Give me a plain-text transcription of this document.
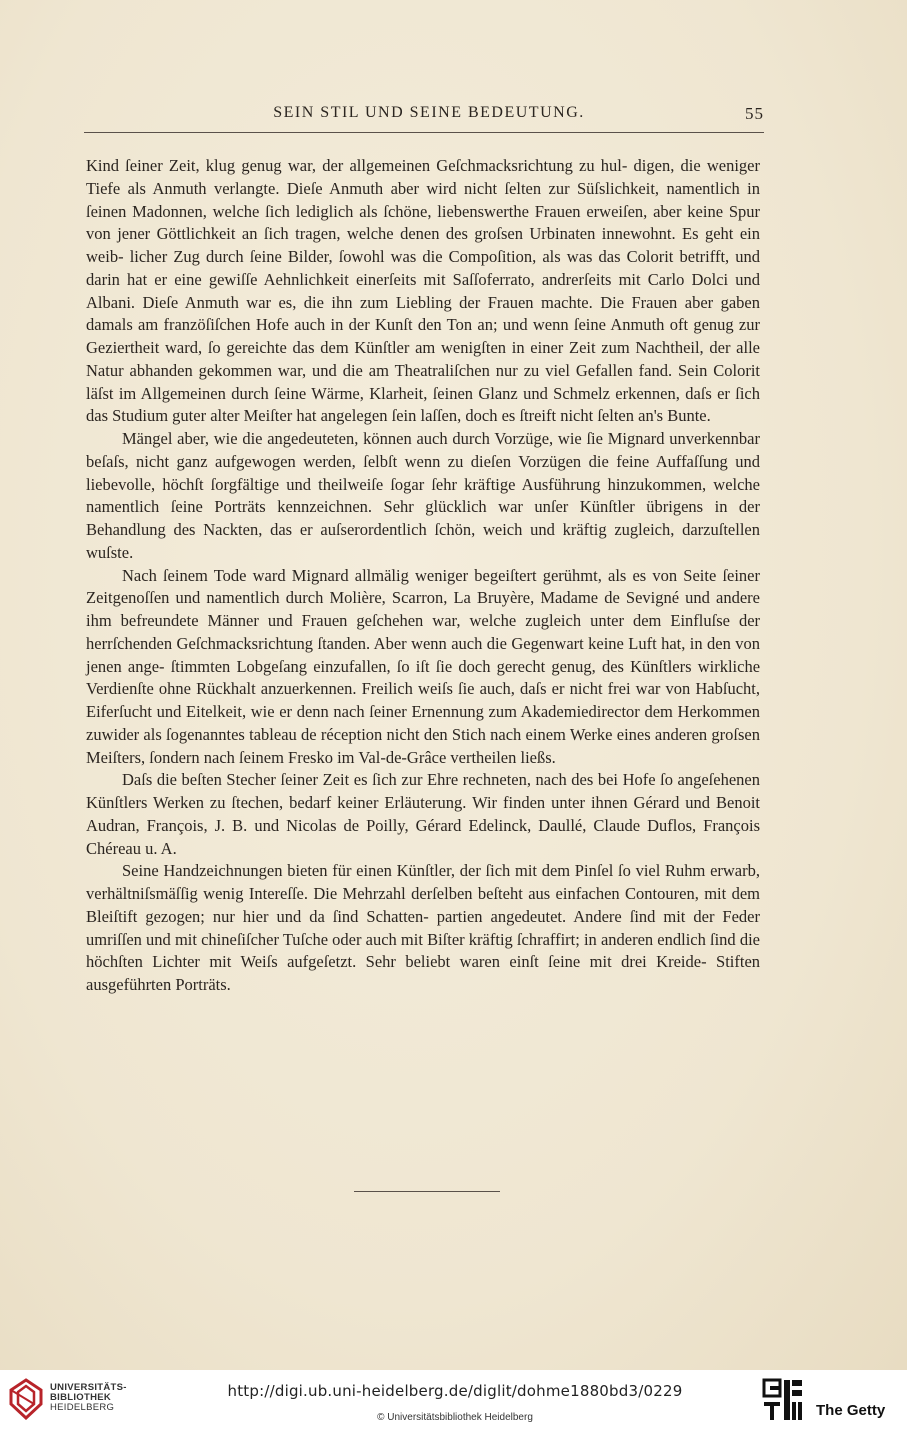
SEIN STIL UND SEINE BEDEUTUNG.	55

Kind ſeiner Zeit, klug genug war, der allgemeinen Geſchmacksrichtung zu hul- digen, die weniger Tiefe als Anmuth verlangte. Dieſe Anmuth aber wird nicht ſelten zur Süſslichkeit, namentlich in ſeinen Madonnen, welche ſich lediglich als ſchöne, liebenswerthe Frauen erweiſen, aber keine Spur von jener Göttlichkeit an ſich tragen, welche denen des groſsen Urbinaten innewohnt. Es geht ein weib- licher Zug durch ſeine Bilder, ſowohl was die Compoſition, als was das Colorit betrifft, und darin hat er eine gewiſſe Aehnlichkeit einerſeits mit Saſſoferrato, andrerſeits mit Carlo Dolci und Albani. Dieſe Anmuth war es, die ihn zum Liebling der Frauen machte. Die Frauen aber gaben damals am franzöſiſchen Hofe auch in der Kunſt den Ton an; und wenn ſeine Anmuth oft genug zur Geziertheit ward, ſo gereichte das dem Künſtler am wenigſten in einer Zeit zum Nachtheil, der alle Natur abhanden gekommen war, und die am Theatraliſchen nur zu viel Gefallen fand. Sein Colorit läſst im Allgemeinen durch ſeine Wärme, Klarheit, ſeinen Glanz und Schmelz erkennen, daſs er ſich das Studium guter alter Meiſter hat angelegen ſein laſſen, doch es ſtreift nicht ſelten an's Bunte.

Mängel aber, wie die angedeuteten, können auch durch Vorzüge, wie ſie Mignard unverkennbar beſaſs, nicht ganz aufgewogen werden, ſelbſt wenn zu dieſen Vorzügen die feine Auffaſſung und liebevolle, höchſt ſorgfältige und theilweiſe ſogar ſehr kräftige Ausführung hinzukommen, welche namentlich ſeine Porträts kennzeichnen. Sehr glücklich war unſer Künſtler übrigens in der Behandlung des Nackten, das er auſserordentlich ſchön, weich und kräftig zugleich, darzuſtellen wuſste.

Nach ſeinem Tode ward Mignard allmälig weniger begeiſtert gerühmt, als es von Seite ſeiner Zeitgenoſſen und namentlich durch Molière, Scarron, La Bruyère, Madame de Sevigné und andere ihm befreundete Männer und Frauen geſchehen war, welche zugleich unter dem Einfluſse der herrſchenden Geſchmacksrichtung ſtanden. Aber wenn auch die Gegenwart keine Luft hat, in den von jenen ange- ſtimmten Lobgeſang einzufallen, ſo iſt ſie doch gerecht genug, des Künſtlers wirkliche Verdienſte ohne Rückhalt anzuerkennen. Freilich weiſs ſie auch, daſs er nicht frei war von Habſucht, Eiferſucht und Eitelkeit, wie er denn nach ſeiner Ernennung zum Akademiedirector dem Herkommen zuwider als ſogenanntes tableau de réception nicht den Stich nach einem Werke eines anderen groſsen Meiſters, ſondern nach ſeinem Fresko im Val-de-Grâce vertheilen ließs.

Daſs die beſten Stecher ſeiner Zeit es ſich zur Ehre rechneten, nach des bei Hofe ſo angeſehenen Künſtlers Werken zu ſtechen, bedarf keiner Erläuterung. Wir finden unter ihnen Gérard und Benoit Audran, François, J. B. und Nicolas de Poilly, Gérard Edelinck, Daullé, Claude Duflos, François Chéreau u. A.

Seine Handzeichnungen bieten für einen Künſtler, der ſich mit dem Pinſel ſo viel Ruhm erwarb, verhältniſsmäſſig wenig Intereſſe. Die Mehrzahl derſelben beſteht aus einfachen Contouren, mit dem Bleiſtift gezogen; nur hier und da ſind Schatten- partien angedeutet. Andere ſind mit der Feder umriſſen und mit chineſiſcher Tuſche oder auch mit Biſter kräftig ſchraffirt; in anderen endlich ſind die höchſten Lichter mit Weiſs aufgeſetzt. Sehr beliebt waren einſt ſeine mit drei Kreide- Stiften ausgeführten Porträts.

UNIVERSITÄTS-
BIBLIOTHEK
HEIDELBERG
http://digi.ub.uni-heidelberg.de/diglit/dohme1880bd3/0229
© Universitätsbibliothek Heidelberg	The Getty
